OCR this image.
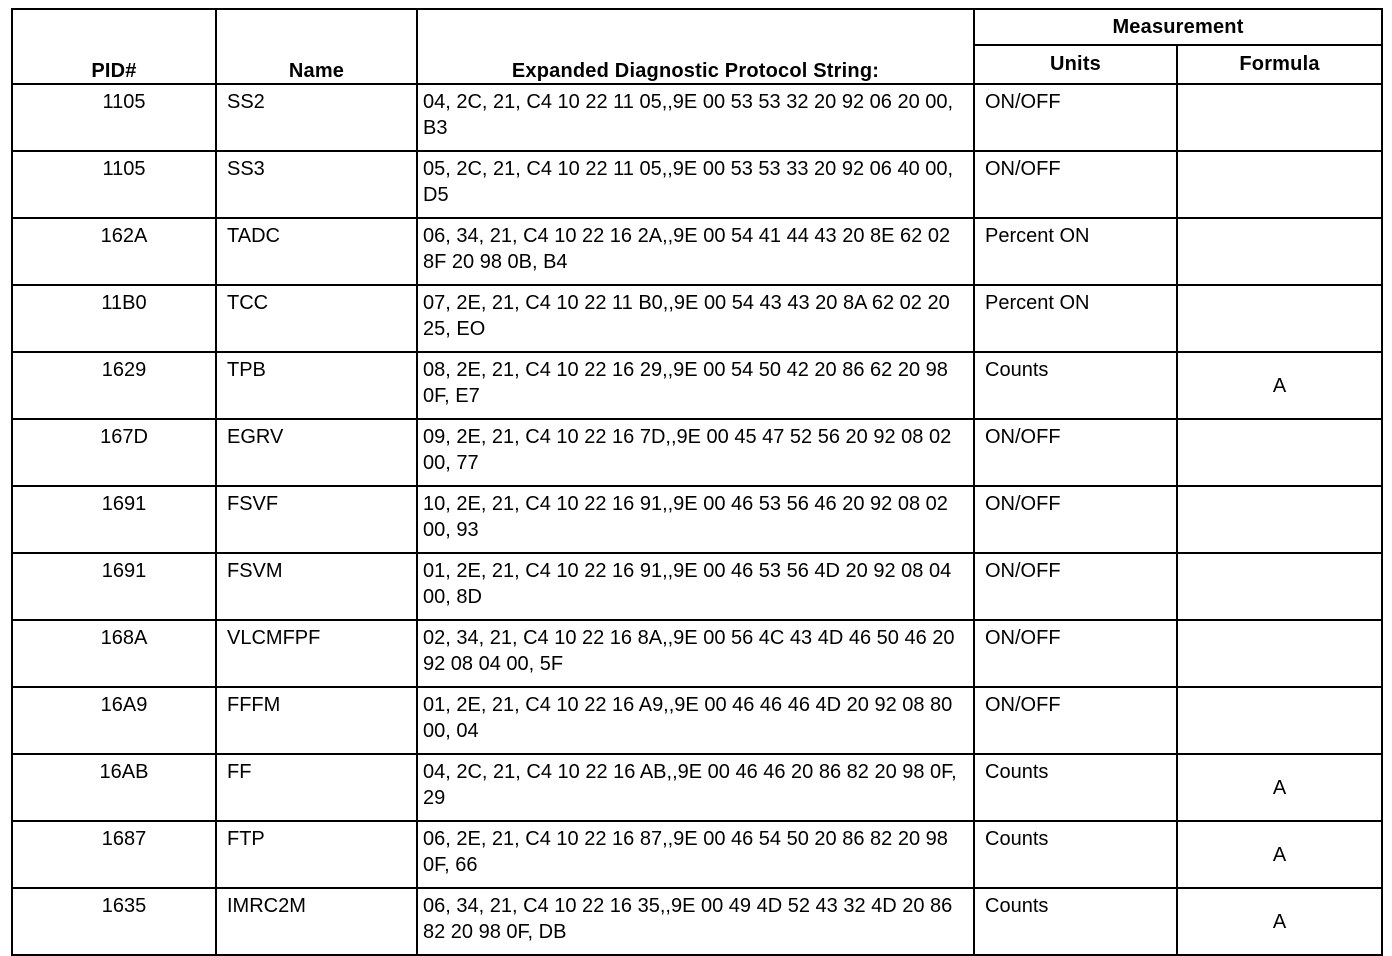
PID#	Name	Expanded Diagnostic Protocol String:	Measurement	
			Units	Formula
1105	SS2	04, 2C, 21, C4 10 22 11 05,,9E 00 53 53 32 20 92 06 20 00, B3	ON/OFF	
1105	SS3	05, 2C, 21, C4 10 22 11 05,,9E 00 53 53 33 20 92 06 40 00, D5	ON/OFF	
162A	TADC	06, 34, 21, C4 10 22 16 2A,,9E 00 54 41 44 43 20 8E 62 02 8F 20 98 0B, B4	Percent ON	
11B0	TCC	07, 2E, 21, C4 10 22 11 B0,,9E 00 54 43 43 20 8A 62 02 20 25, EO	Percent ON	
1629	TPB	08, 2E, 21, C4 10 22 16 29,,9E 00 54 50 42 20 86 62 20 98 0F, E7	Counts	A
167D	EGRV	09, 2E, 21, C4 10 22 16 7D,,9E 00 45 47 52 56 20 92 08 02 00, 77	ON/OFF	
1691	FSVF	10, 2E, 21, C4 10 22 16 91,,9E 00 46 53 56 46 20 92 08 02 00, 93	ON/OFF	
1691	FSVM	01, 2E, 21, C4 10 22 16 91,,9E 00 46 53 56 4D 20 92 08 04 00, 8D	ON/OFF	
168A	VLCMFPF	02, 34, 21, C4 10 22 16 8A,,9E 00 56 4C 43 4D 46 50 46 20 92 08 04 00, 5F	ON/OFF	
16A9	FFFM	01, 2E, 21, C4 10 22 16 A9,,9E 00 46 46 46 4D 20 92 08 80 00, 04	ON/OFF	
16AB	FF	04, 2C, 21, C4 10 22 16 AB,,9E 00 46 46 20 86 82 20 98 0F, 29	Counts	A
1687	FTP	06, 2E, 21, C4 10 22 16 87,,9E 00 46 54 50 20 86 82 20 98 0F, 66	Counts	A
1635	IMRC2M	06, 34, 21, C4 10 22 16 35,,9E 00 49 4D 52 43 32 4D 20 86 82 20 98 0F, DB	Counts	A
